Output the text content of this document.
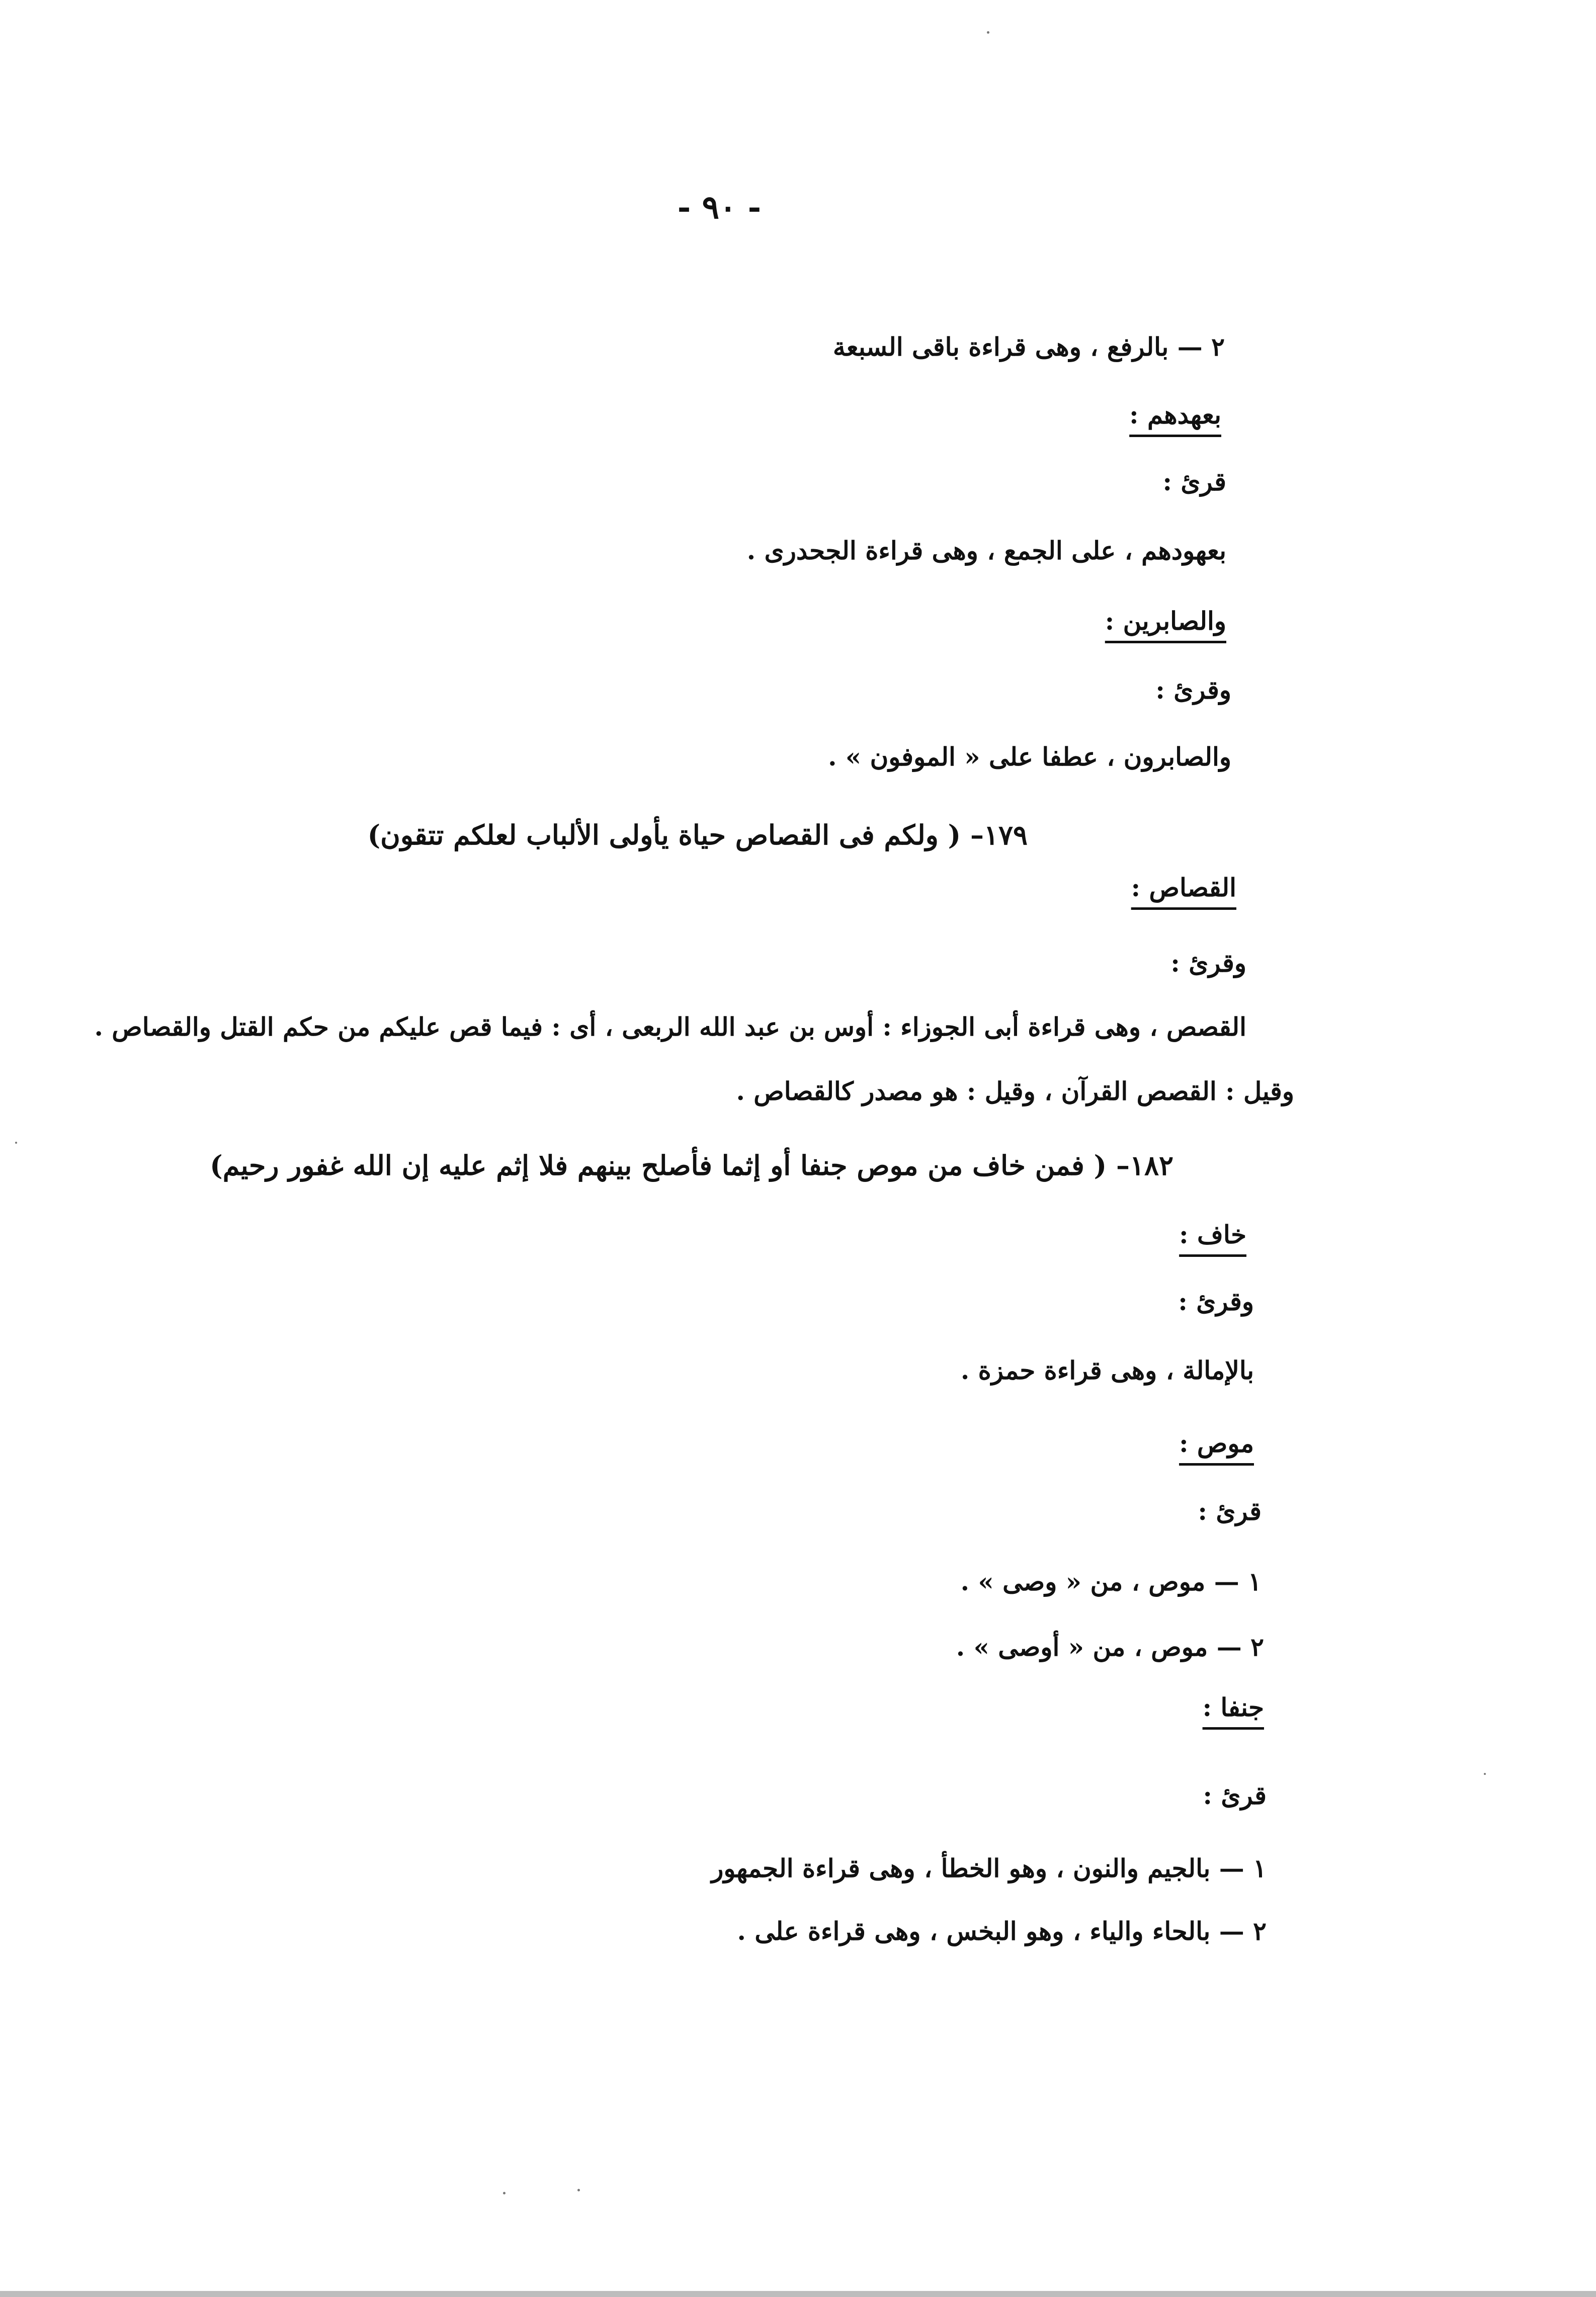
- ٩٠ -
٢ — بالرفع ، وهى قراءة باقى السبعة
بعهدهم :
قرئ :
بعهودهم ، على الجمع ، وهى قراءة الجحدرى .
والصابرين :
وقرئ :
والصابرون ، عطفا على « الموفون » .
١٧٩– ( ولكم فى القصاص حياة يأولى الألباب لعلكم تتقون)
القصاص :
وقرئ :
القصص ، وهى قراءة أبى الجوزاء : أوس بن عبد الله الربعى ، أى : فيما قص عليكم من حكم القتل والقصاص .
وقيل : القصص القرآن ، وقيل : هو مصدر كالقصاص .
١٨٢– ( فمن خاف من موص جنفا أو إثما فأصلح بينهم فلا إثم عليه إن الله غفور رحيم)
خاف :
وقرئ :
بالإمالة ، وهى قراءة حمزة .
موص :
قرئ :
١ — موص ، من « وصى » .
٢ — موص ، من « أوصى » .
جنفا :
قرئ :
١ — بالجيم والنون ، وهو الخطأ ، وهى قراءة الجمهور
٢ — بالحاء والياء ، وهو البخس ، وهى قراءة على .
